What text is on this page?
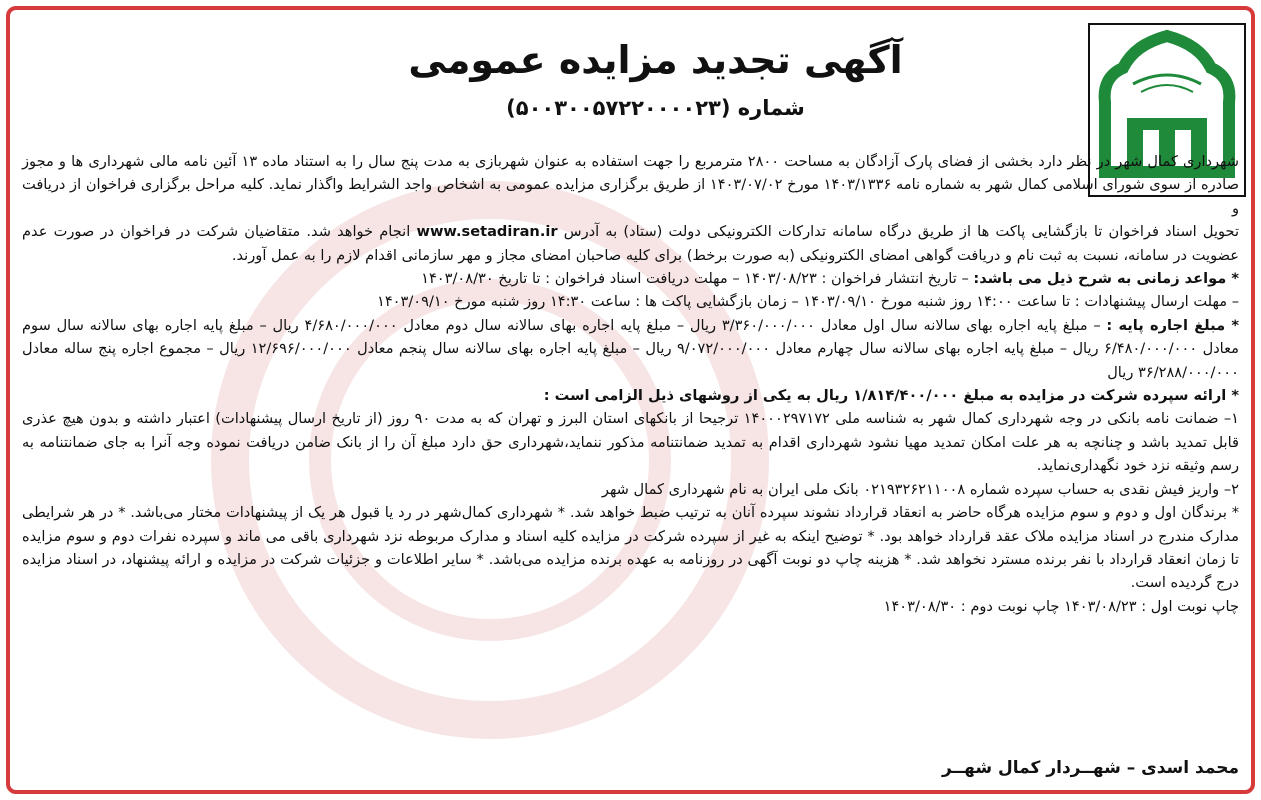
آگهی تجدید مزایده عمومی
شماره (۵۰۰۳۰۰۵۷۲۲۰۰۰۰۲۳)

شهرداری کمال شهر در نظر دارد بخشی از فضای پارک آزادگان به مساحت ۲۸۰۰ مترمربع را جهت استفاده به عنوان شهربازی به مدت پنج سال را به استناد ماده ۱۳ آئین نامه مالی شهرداری ها و مجوز صادره از سوی شورای اسلامی کمال شهر به شماره نامه ۱۴۰۳/۱۳۳۶ مورخ ۱۴۰۳/۰۷/۰۲ از طریق برگزاری مزایده عمومی به اشخاص واجد الشرایط واگذار نماید. کلیه مراحل برگزاری فراخوان از دریافت و

تحویل اسناد فراخوان تا بازگشایی پاکت ها از طریق درگاه سامانه تدارکات الکترونیکی دولت (ستاد) به آدرس www.setadiran.ir انجام خواهد شد. متقاضیان شرکت در فراخوان در صورت عدم عضویت در سامانه، نسبت به ثبت نام و دریافت گواهی امضای الکترونیکی (به صورت برخط) برای کلیه صاحبان امضای مجاز و مهر سازمانی اقدام لازم را به عمل آورند.

* مواعد زمانی به شرح ذیل می باشد: – تاریخ انتشار فراخوان : ۱۴۰۳/۰۸/۲۳ – مهلت دریافت اسناد فراخوان : تا تاریخ ۱۴۰۳/۰۸/۳۰

– مهلت ارسال پیشنهادات : تا ساعت ۱۴:۰۰ روز شنبه مورخ ۱۴۰۳/۰۹/۱۰ – زمان بازگشایی پاکت ها : ساعت ۱۴:۳۰ روز شنبه مورخ ۱۴۰۳/۰۹/۱۰

* مبلغ اجاره پایه : – مبلغ پایه اجاره بهای سالانه سال اول معادل ۳/۳۶۰/۰۰۰/۰۰۰ ریال – مبلغ پایه اجاره بهای سالانه سال دوم معادل ۴/۶۸۰/۰۰۰/۰۰۰ ریال – مبلغ پایه اجاره بهای سالانه سال سوم معادل ۶/۴۸۰/۰۰۰/۰۰۰ ریال – مبلغ پایه اجاره بهای سالانه سال چهارم معادل ۹/۰۷۲/۰۰۰/۰۰۰ ریال – مبلغ پایه اجاره بهای سالانه سال پنجم معادل ۱۲/۶۹۶/۰۰۰/۰۰۰ ریال – مجموع اجاره پنج ساله معادل ۳۶/۲۸۸/۰۰۰/۰۰۰ ریال

* ارائه سپرده شرکت در مزایده به مبلغ ۱/۸۱۴/۴۰۰/۰۰۰ ریال به یکی از روشهای ذیل الزامی است :

۱– ضمانت نامه بانکی در وجه شهرداری کمال شهر به شناسه ملی ۱۴۰۰۰۲۹۷۱۷۲ ترجیحا از بانکهای استان البرز و تهران که به مدت ۹۰ روز (از تاریخ ارسال پیشنهادات) اعتبار داشته و بدون هیچ عذری قابل تمدید باشد و چنانچه به هر علت امکان تمدید مهیا نشود شهرداری اقدام به تمدید ضمانتنامه مذکور ننماید،شهرداری حق دارد مبلغ آن را از بانک ضامن دریافت نموده وجه آنرا به جای ضمانتنامه به رسم وثیقه نزد خود نگهداری‌نماید.

۲– واریز فیش نقدی به حساب سپرده شماره ۰۲۱۹۳۲۶۲۱۱۰۰۸ بانک ملی ایران به نام شهرداری کمال شهر

* برندگان اول و دوم و سوم مزایده هرگاه حاضر به انعقاد قرارداد نشوند سپرده آنان به ترتیب ضبط خواهد شد. * شهرداری کمال‌شهر در رد یا قبول هر یک از پیشنهادات مختار می‌باشد. * در هر شرایطی مدارک مندرج در اسناد مزایده ملاک عقد قرارداد خواهد بود. * توضیح اینکه به غیر از سپرده شرکت در مزایده کلیه اسناد و مدارک مربوطه نزد شهرداری باقی می ماند و سپرده نفرات دوم و سوم مزایده تا زمان انعقاد قرارداد با نفر برنده مسترد نخواهد شد. * هزینه چاپ دو نوبت آگهی در روزنامه به عهده برنده مزایده می‌باشد. * سایر اطلاعات و جزئیات شرکت در مزایده و ارائه پیشنهاد، در اسناد مزایده درج گردیده است.

چاپ نوبت اول : ۱۴۰۳/۰۸/۲۳ چاپ نوبت دوم : ۱۴۰۳/۰۸/۳۰

محمد اسدی – شهــردار کمال شهــر
